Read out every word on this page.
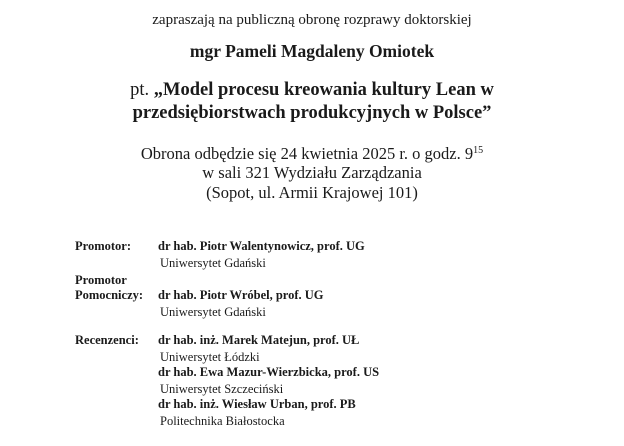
zapraszają na publiczną obronę rozprawy doktorskiej
mgr Pameli Magdaleny Omiotek
pt. „Model procesu kreowania kultury Lean w
przedsiębiorstwach produkcyjnych w Polsce”
Obrona odbędzie się 24 kwietnia 2025 r. o godz. $9^{15}$
w sali 321 Wydziału Zarządzania
(Sopot, ul. Armii Krajowej 101)
Promotor: dr hab. Piotr Walentynowicz, prof. UG
Uniwersytet Gdański
Promotor
Pomocniczy: dr hab. Piotr Wróbel, prof. UG
Uniwersytet Gdański
Recenzenci: dr hab. inż. Marek Matejun, prof. UŁ
Uniwersytet Łódzki
dr hab. Ewa Mazur-Wierzbicka, prof. US
Uniwersytet Szczeciński
dr hab. inż. Wiesław Urban, prof. PB
Politechnika Białostocka
